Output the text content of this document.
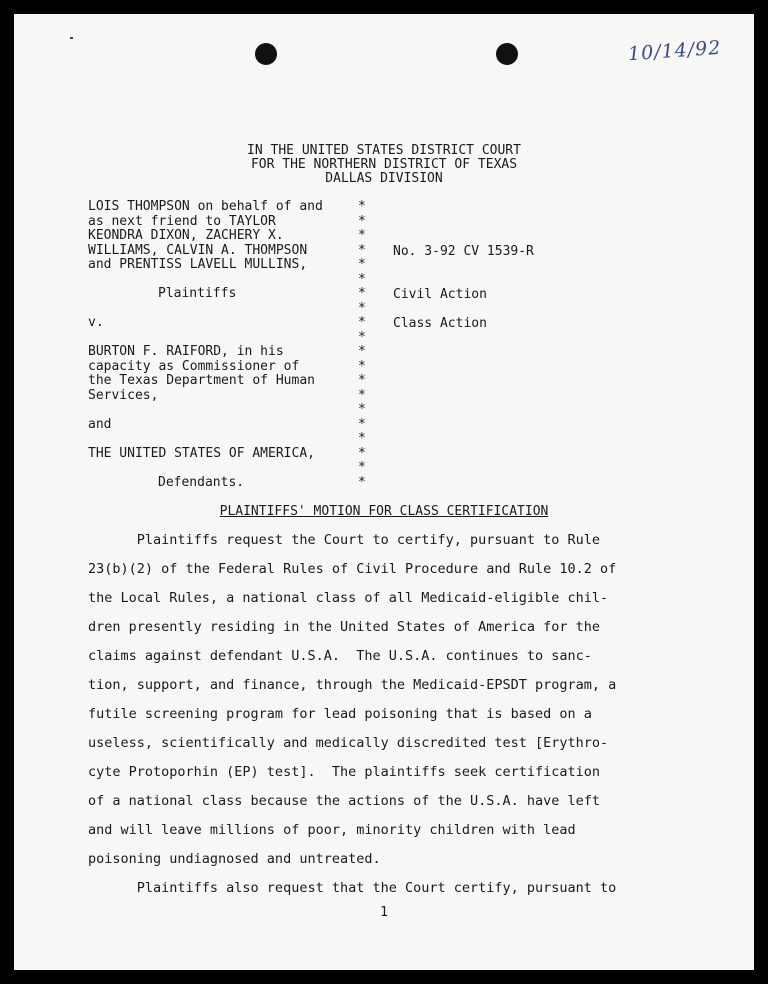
10/14/92
IN THE UNITED STATES DISTRICT COURT
FOR THE NORTHERN DISTRICT OF TEXAS
DALLAS DIVISION
LOIS THOMPSON on behalf of and
as next friend to TAYLOR
KEONDRA DIXON, ZACHERY X.
WILLIAMS, CALVIN A. THOMPSON
and PRENTISS LAVELL MULLINS,
Plaintiffs
v.
BURTON F. RAIFORD, in his
capacity as Commissioner of
the Texas Department of Human
Services,
and
THE UNITED STATES OF AMERICA,
Defendants.
*
*
*
*
*
*
*
*
*
*
*
*
*
*
*
*
*
*
*
*
No. 3-92 CV 1539-R
Civil Action
Class Action
PLAINTIFFS' MOTION FOR CLASS CERTIFICATION
Plaintiffs request the Court to certify, pursuant to Rule
23(b)(2) of the Federal Rules of Civil Procedure and Rule 10.2 of
the Local Rules, a national class of all Medicaid-eligible chil-
dren presently residing in the United States of America for the
claims against defendant U.S.A.  The U.S.A. continues to sanc-
tion, support, and finance, through the Medicaid-EPSDT program, a
futile screening program for lead poisoning that is based on a
useless, scientifically and medically discredited test [Erythro-
cyte Protoporhin (EP) test].  The plaintiffs seek certification
of a national class because the actions of the U.S.A. have left
and will leave millions of poor, minority children with lead
poisoning undiagnosed and untreated.
Plaintiffs also request that the Court certify, pursuant to
1
